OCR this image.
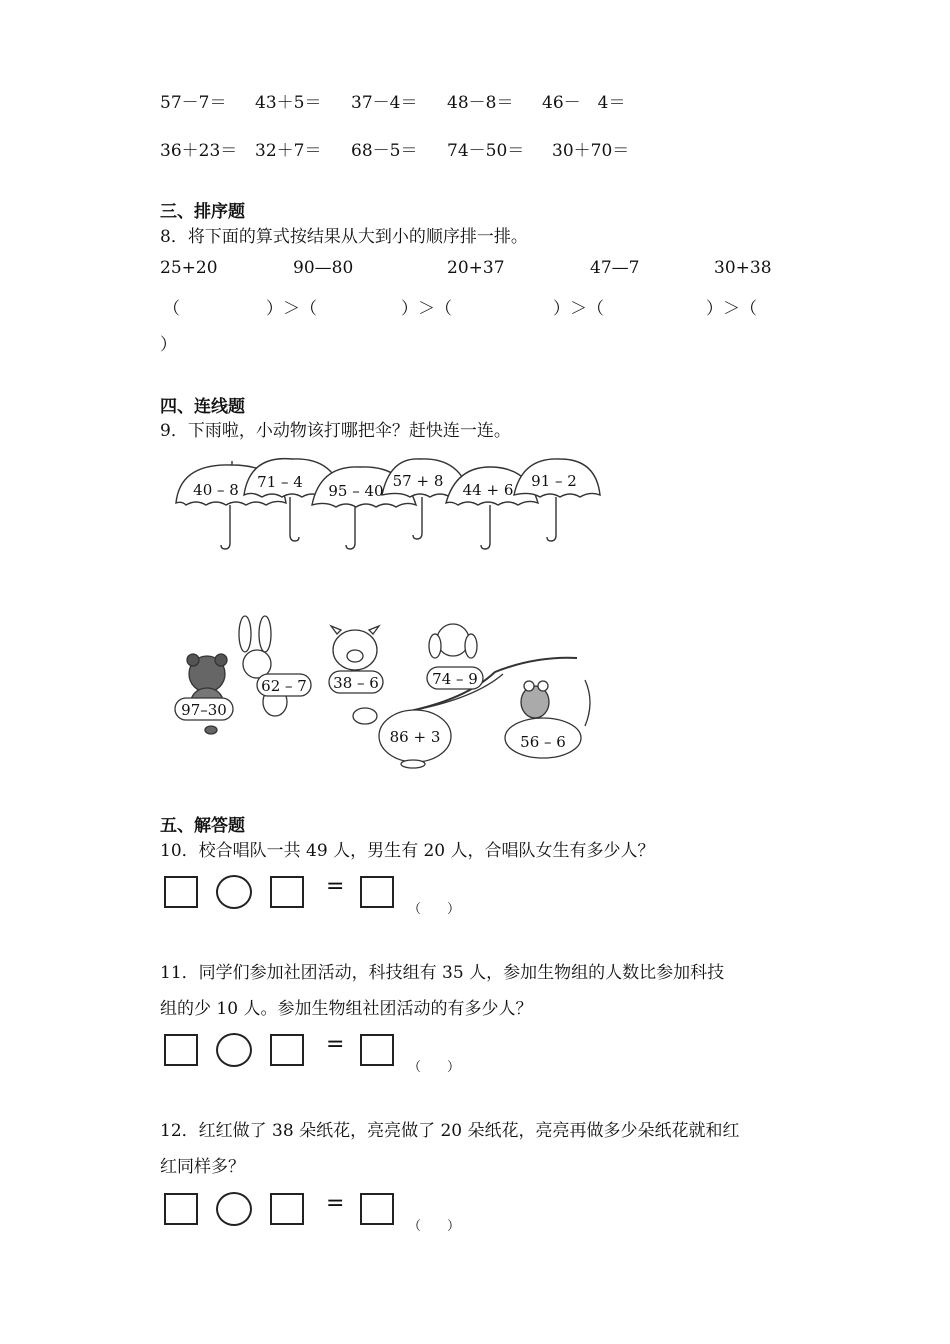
57－7＝ 43＋5＝ 37－4＝ 48－8＝ 46－　4＝
36＋23＝ 32＋7＝ 68－5＝ 74－50＝ 30＋70＝
三、排序题
8．将下面的算式按结果从大到小的顺序排一排。
25+20	90—80	20+37	47—7	30+38
（	）＞（	）＞（	）＞（	）＞（
）
四、连线题
9．下雨啦，小动物该打哪把伞？赶快连一连。
40 – 8 71 – 4 95 – 40
57 + 8 44 + 6 91 – 2
97–30
62 – 7 38 – 6	74 – 9
86 + 3	56 – 6
五、解答题
10．校合唱队一共 49 人，男生有 20 人，合唱队女生有多少人？
=
（　　）
11．同学们参加社团活动，科技组有 35 人，参加生物组的人数比参加科技
组的少 10 人。参加生物组社团活动的有多少人？
=
（　　）
12．红红做了 38 朵纸花，亮亮做了 20 朵纸花，亮亮再做多少朵纸花就和红
红同样多？
=
（　　）
